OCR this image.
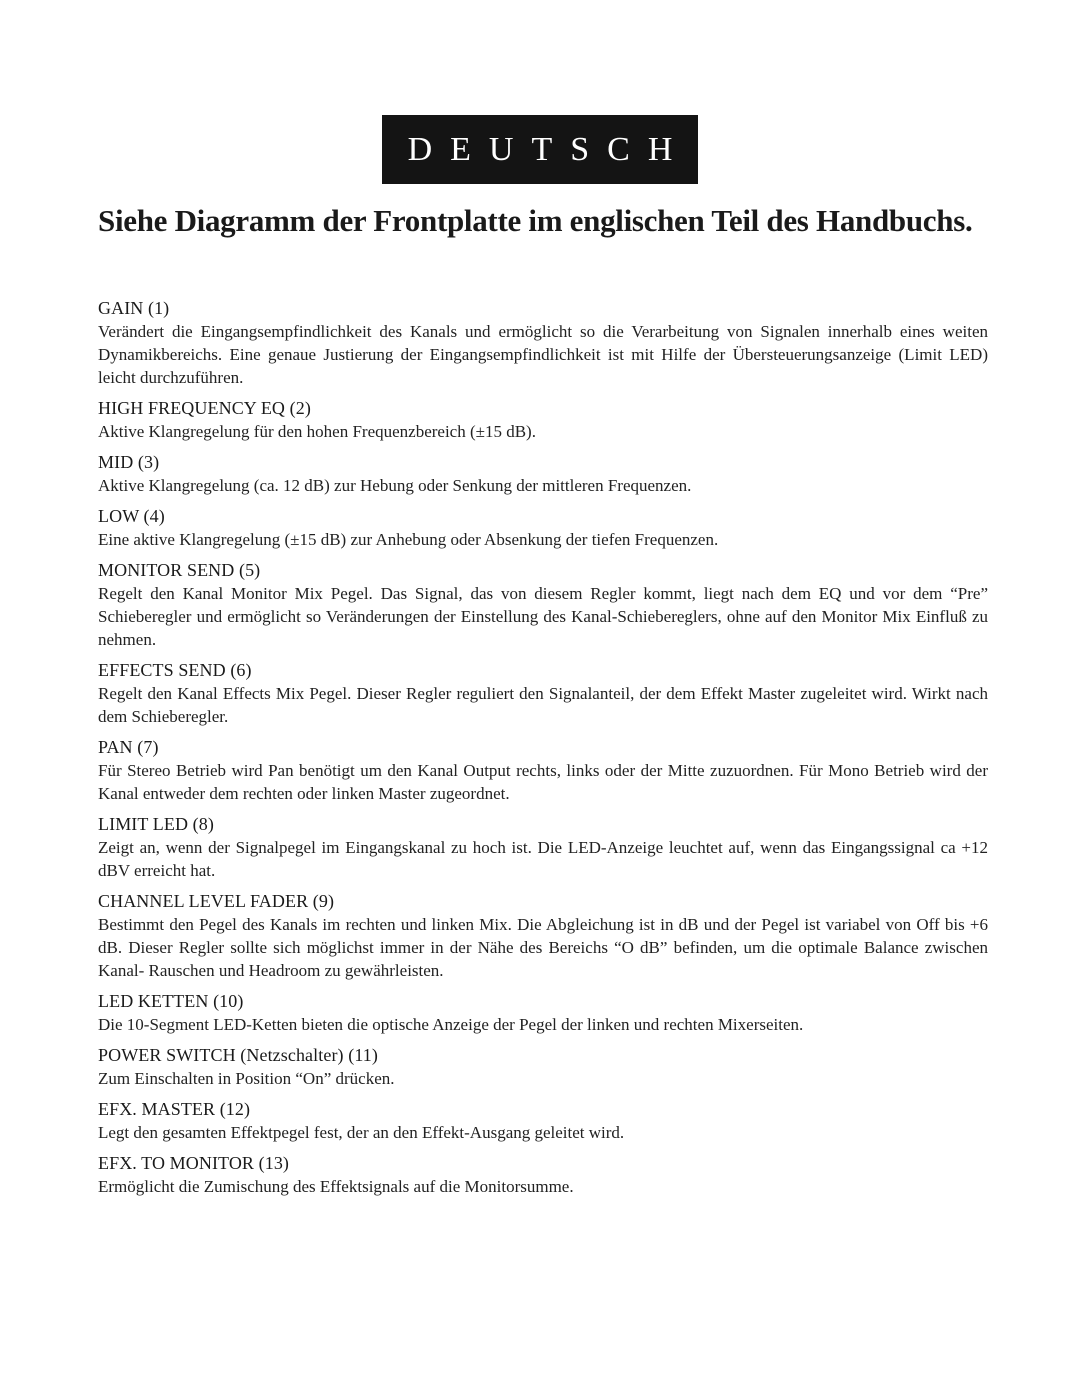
DEUTSCH
Siehe Diagramm der Frontplatte im englischen Teil des Handbuchs.
GAIN (1)

Verändert die Eingangsempfindlichkeit des Kanals und ermöglicht so die Verarbeitung von Signalen innerhalb eines weiten Dynamikbereichs. Eine genaue Justierung der Eingangsempfindlichkeit ist mit Hilfe der Übersteuerungsanzeige (Limit LED) leicht durchzuführen.

HIGH FREQUENCY EQ (2)

Aktive Klangregelung für den hohen Frequenzbereich (±15 dB).

MID (3)

Aktive Klangregelung (ca. 12 dB) zur Hebung oder Senkung der mittleren Frequenzen.

LOW (4)

Eine aktive Klangregelung (±15 dB) zur Anhebung oder Absenkung der tiefen Frequenzen.

MONITOR SEND (5)

Regelt den Kanal Monitor Mix Pegel. Das Signal, das von diesem Regler kommt, liegt nach dem EQ und vor dem “Pre” Schieberegler und ermöglicht so Veränderungen der Einstellung des Kanal-Schiebereglers, ohne auf den Monitor Mix Einfluß zu nehmen.

EFFECTS SEND (6)

Regelt den Kanal Effects Mix Pegel. Dieser Regler reguliert den Signalanteil, der dem Effekt Master zugeleitet wird. Wirkt nach dem Schieberegler.

PAN (7)

Für Stereo Betrieb wird Pan benötigt um den Kanal Output rechts, links oder der Mitte zuzuordnen. Für Mono Betrieb wird der Kanal entweder dem rechten oder linken Master zugeordnet.

LIMIT LED (8)

Zeigt an, wenn der Signalpegel im Eingangskanal zu hoch ist. Die LED-Anzeige leuchtet auf, wenn das Eingangssignal ca +12 dBV erreicht hat.

CHANNEL LEVEL FADER (9)

Bestimmt den Pegel des Kanals im rechten und linken Mix. Die Abgleichung ist in dB und der Pegel ist variabel von Off bis +6 dB. Dieser Regler sollte sich möglichst immer in der Nähe des Bereichs “O dB” befinden, um die optimale Balance zwischen Kanal- Rauschen und Headroom zu gewährleisten.

LED KETTEN (10)

Die 10-Segment LED-Ketten bieten die optische Anzeige der Pegel der linken und rechten Mixerseiten.

POWER SWITCH (Netzschalter) (11)

Zum Einschalten in Position “On” drücken.

EFX. MASTER (12)

Legt den gesamten Effektpegel fest, der an den Effekt-Ausgang geleitet wird.

EFX. TO MONITOR (13)

Ermöglicht die Zumischung des Effektsignals auf die Monitorsumme.
